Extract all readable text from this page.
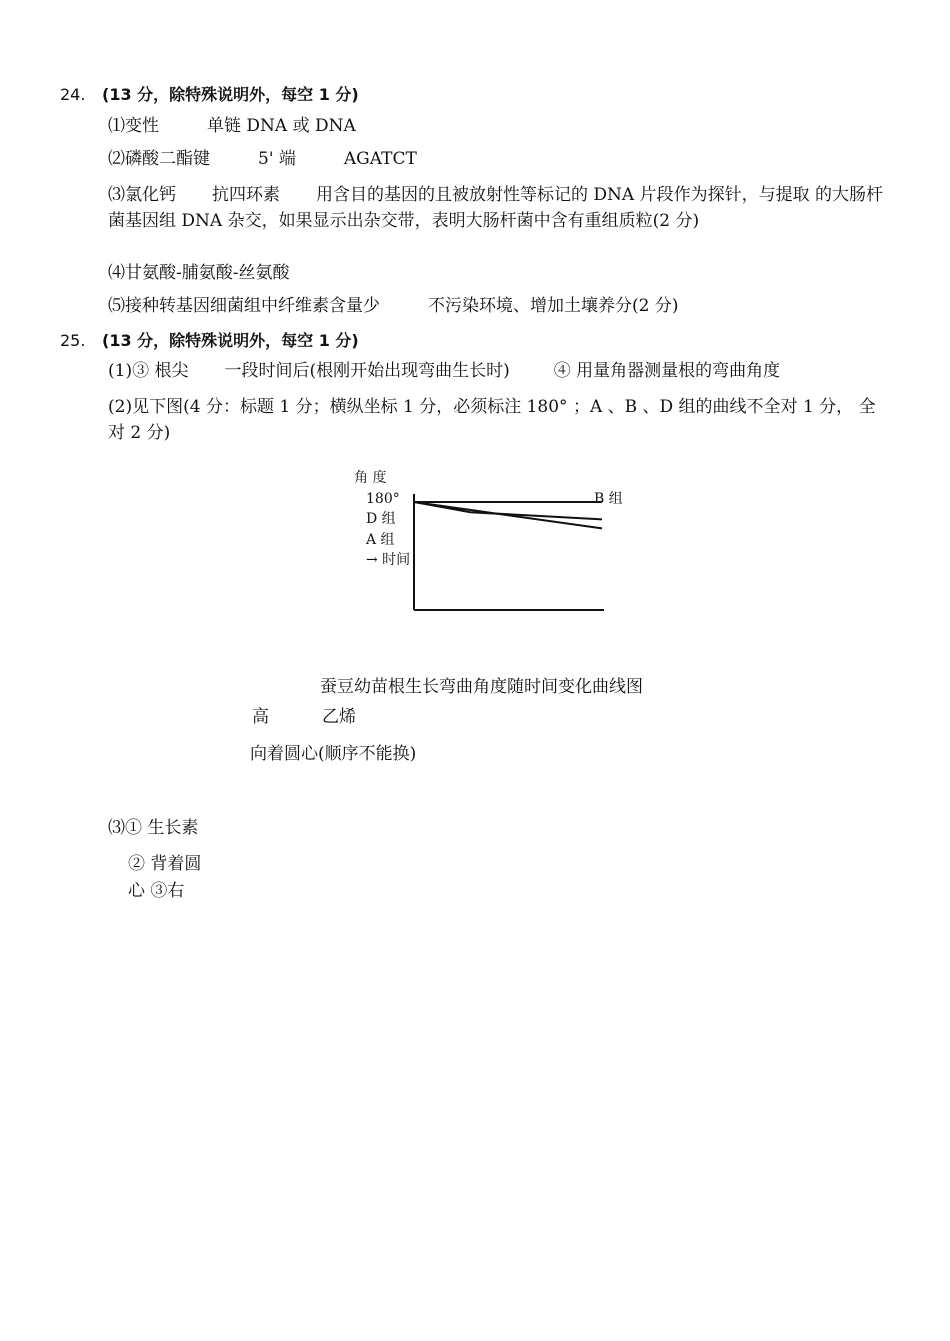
24. (13 分，除特殊说明外，每空 1 分)
⑴变性	单链 DNA 或 DNA
⑵磷酸二酯键	5' 端	AGATCT
⑶氯化钙 抗四环素 用含目的基因的且被放射性等标记的 DNA 片段作为探针，与提取 的大肠杆菌基因组 DNA 杂交，如果显示出杂交带，表明大肠杆菌中含有重组质粒(2 分)
⑷甘氨酸-脯氨酸-丝氨酸
⑸接种转基因细菌组中纤维素含量少	不污染环境、增加土壤养分(2 分)
25. (13 分，除特殊说明外，每空 1 分)
(1)③ 根尖 一段时间后(根刚开始出现弯曲生长时)	④ 用量角器测量根的弯曲角度
(2)见下图(4 分：标题 1 分；横纵坐标 1 分，必须标注 180° ；A 、B 、D 组的曲线不全对 1 分， 全对 2 分)
角 度
180°	B 组
D 组
A 组
→ 时间
蚕豆幼苗根生长弯曲角度随时间变化曲线图
高	乙烯
向着圆心(顺序不能换)
⑶① 生长素
② 背着圆
心 ③右
